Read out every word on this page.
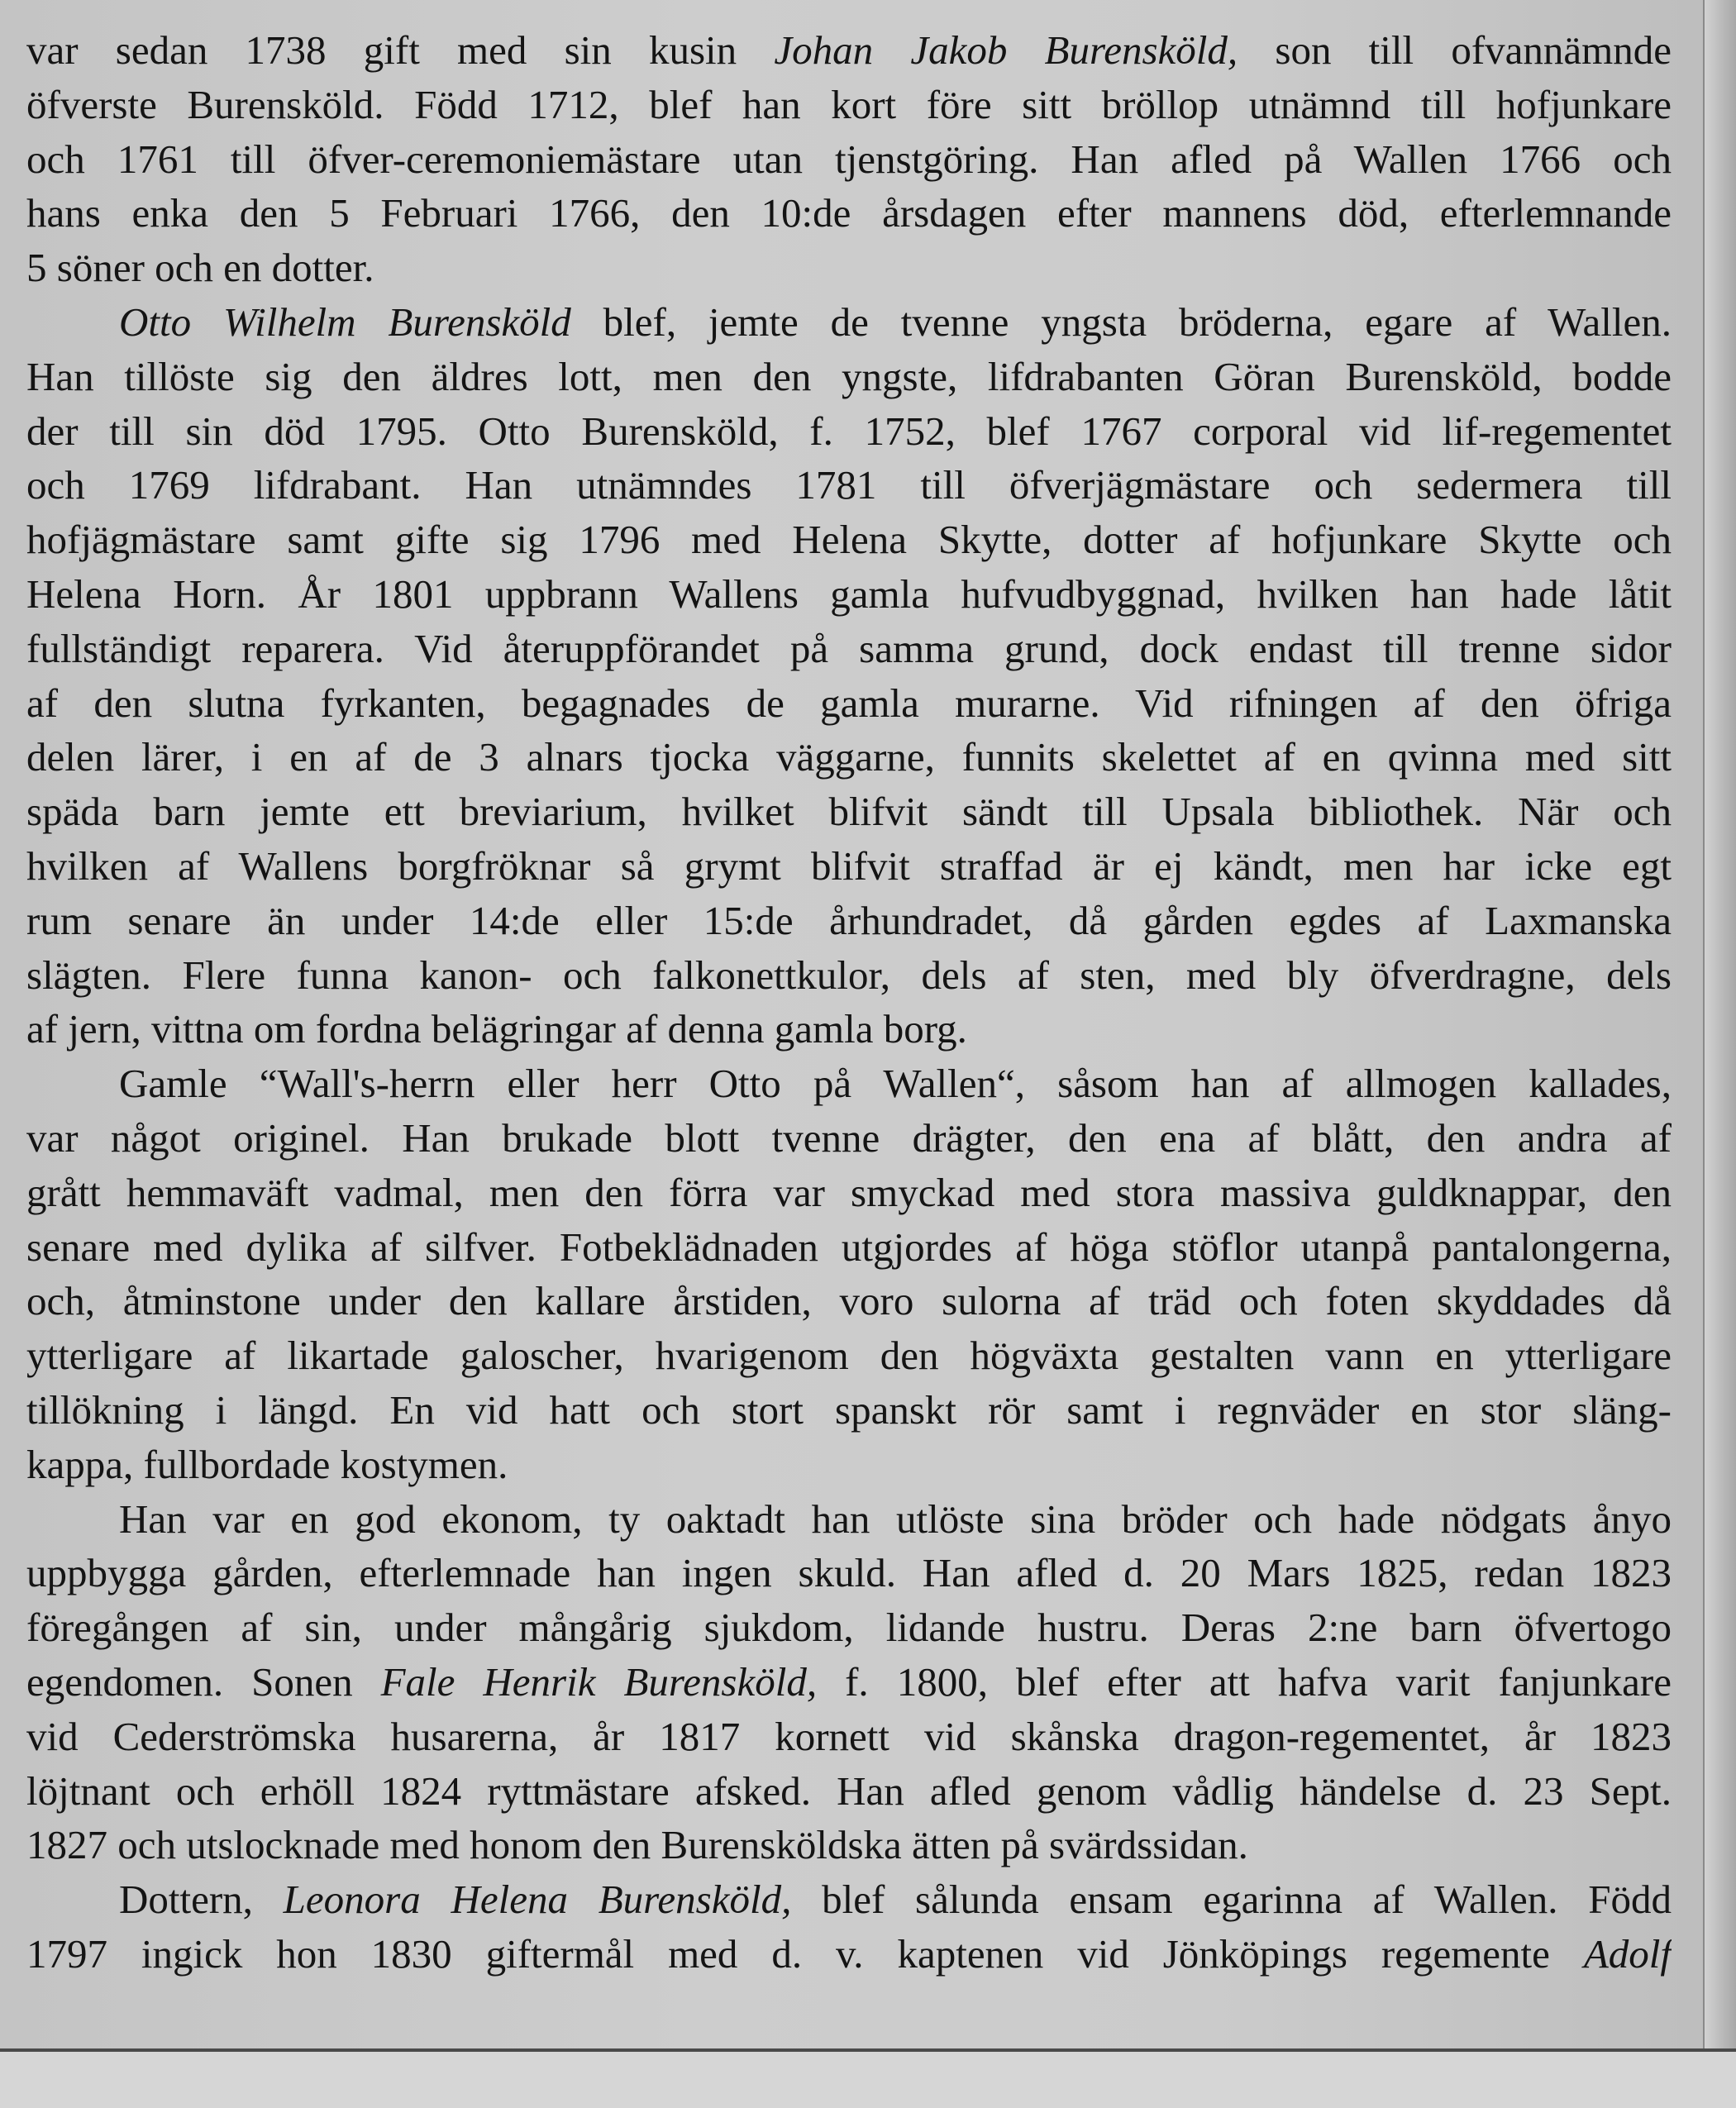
var sedan 1738 gift med sin kusin Johan Jakob Burensköld, son till ofvannämnde
öfverste Burensköld. Född 1712, blef han kort före sitt bröllop utnämnd till hofjunkare
och 1761 till öfver-ceremoniemästare utan tjenstgöring. Han afled på Wallen 1766 och
hans enka den 5 Februari 1766, den 10:de årsdagen efter mannens död, efterlemnande
5 söner och en dotter.
Otto Wilhelm Burensköld blef, jemte de tvenne yngsta bröderna, egare af Wallen.
Han tillöste sig den äldres lott, men den yngste, lifdrabanten Göran Burensköld, bodde
der till sin död 1795. Otto Burensköld, f. 1752, blef 1767 corporal vid lif-regementet
och 1769 lifdrabant. Han utnämndes 1781 till öfverjägmästare och sedermera till
hofjägmästare samt gifte sig 1796 med Helena Skytte, dotter af hofjunkare Skytte och
Helena Horn. År 1801 uppbrann Wallens gamla hufvudbyggnad, hvilken han hade låtit
fullständigt reparera. Vid återuppförandet på samma grund, dock endast till trenne sidor
af den slutna fyrkanten, begagnades de gamla murarne. Vid rifningen af den öfriga
delen lärer, i en af de 3 alnars tjocka väggarne, funnits skelettet af en qvinna med sitt
späda barn jemte ett breviarium, hvilket blifvit sändt till Upsala bibliothek. När och
hvilken af Wallens borgfröknar så grymt blifvit straffad är ej kändt, men har icke egt
rum senare än under 14:de eller 15:de århundradet, då gården egdes af Laxmanska
slägten. Flere funna kanon- och falkonettkulor, dels af sten, med bly öfverdragne, dels
af jern, vittna om fordna belägringar af denna gamla borg.
Gamle “Wall's-herrn eller herr Otto på Wallen“, såsom han af allmogen kallades,
var något originel. Han brukade blott tvenne drägter, den ena af blått, den andra af
grått hemmaväft vadmal, men den förra var smyckad med stora massiva guldknappar, den
senare med dylika af silfver. Fotbeklädnaden utgjordes af höga stöflor utanpå pantalongerna,
och, åtminstone under den kallare årstiden, voro sulorna af träd och foten skyddades då
ytterligare af likartade galoscher, hvarigenom den högväxta gestalten vann en ytterligare
tillökning i längd. En vid hatt och stort spanskt rör samt i regnväder en stor släng-
kappa, fullbordade kostymen.
Han var en god ekonom, ty oaktadt han utlöste sina bröder och hade nödgats ånyo
uppbygga gården, efterlemnade han ingen skuld. Han afled d. 20 Mars 1825, redan 1823
föregången af sin, under mångårig sjukdom, lidande hustru. Deras 2:ne barn öfvertogo
egendomen. Sonen Fale Henrik Burensköld, f. 1800, blef efter att hafva varit fanjunkare
vid Cederströmska husarerna, år 1817 kornett vid skånska dragon-regementet, år 1823
löjtnant och erhöll 1824 ryttmästare afsked. Han afled genom vådlig händelse d. 23 Sept.
1827 och utslocknade med honom den Burensköldska ätten på svärdssidan.
Dottern, Leonora Helena Burensköld, blef sålunda ensam egarinna af Wallen. Född
1797 ingick hon 1830 giftermål med d. v. kaptenen vid Jönköpings regemente Adolf
